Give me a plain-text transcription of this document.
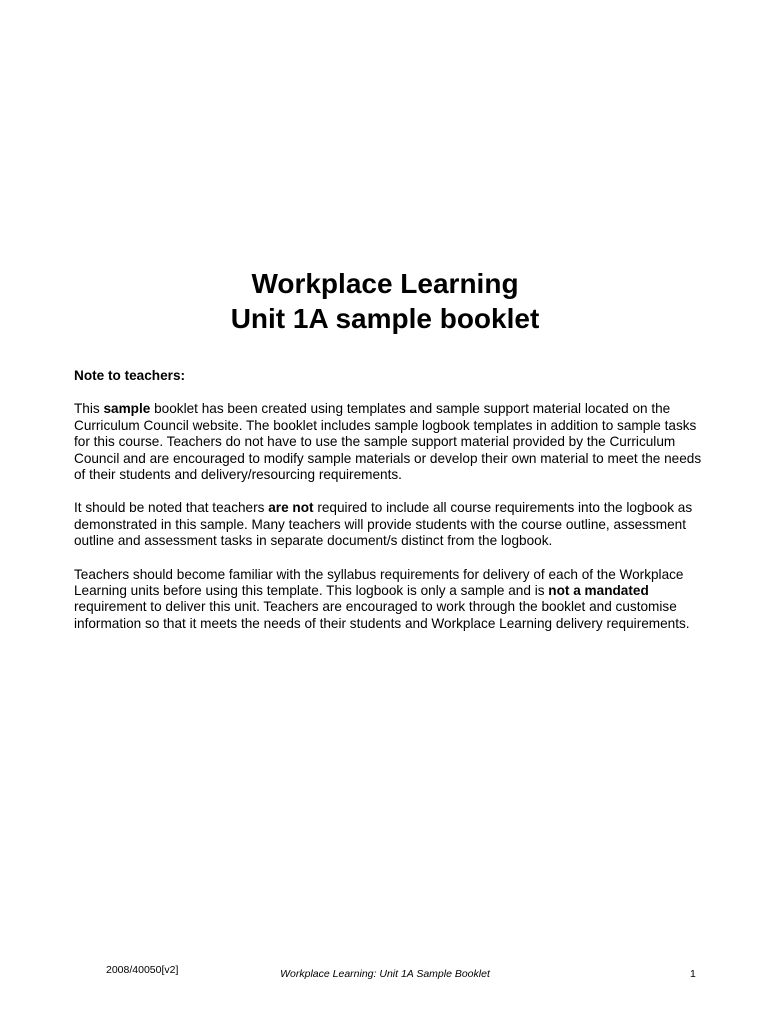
Workplace Learning
Unit 1A sample booklet

Note to teachers:

This sample booklet has been created using templates and sample support material located on the Curriculum Council website. The booklet includes sample logbook templates in addition to sample tasks for this course. Teachers do not have to use the sample support material provided by the Curriculum Council and are encouraged to modify sample materials or develop their own material to meet the needs of their students and delivery/resourcing requirements.

It should be noted that teachers are not required to include all course requirements into the logbook as demonstrated in this sample. Many teachers will provide students with the course outline, assessment outline and assessment tasks in separate document/s distinct from the logbook.

Teachers should become familiar with the syllabus requirements for delivery of each of the Workplace Learning units before using this template. This logbook is only a sample and is not a mandated requirement to deliver this unit. Teachers are encouraged to work through the booklet and customise information so that it meets the needs of their students and Workplace Learning delivery requirements.

2008/40050[v2]	Workplace Learning: Unit 1A Sample Booklet	1
